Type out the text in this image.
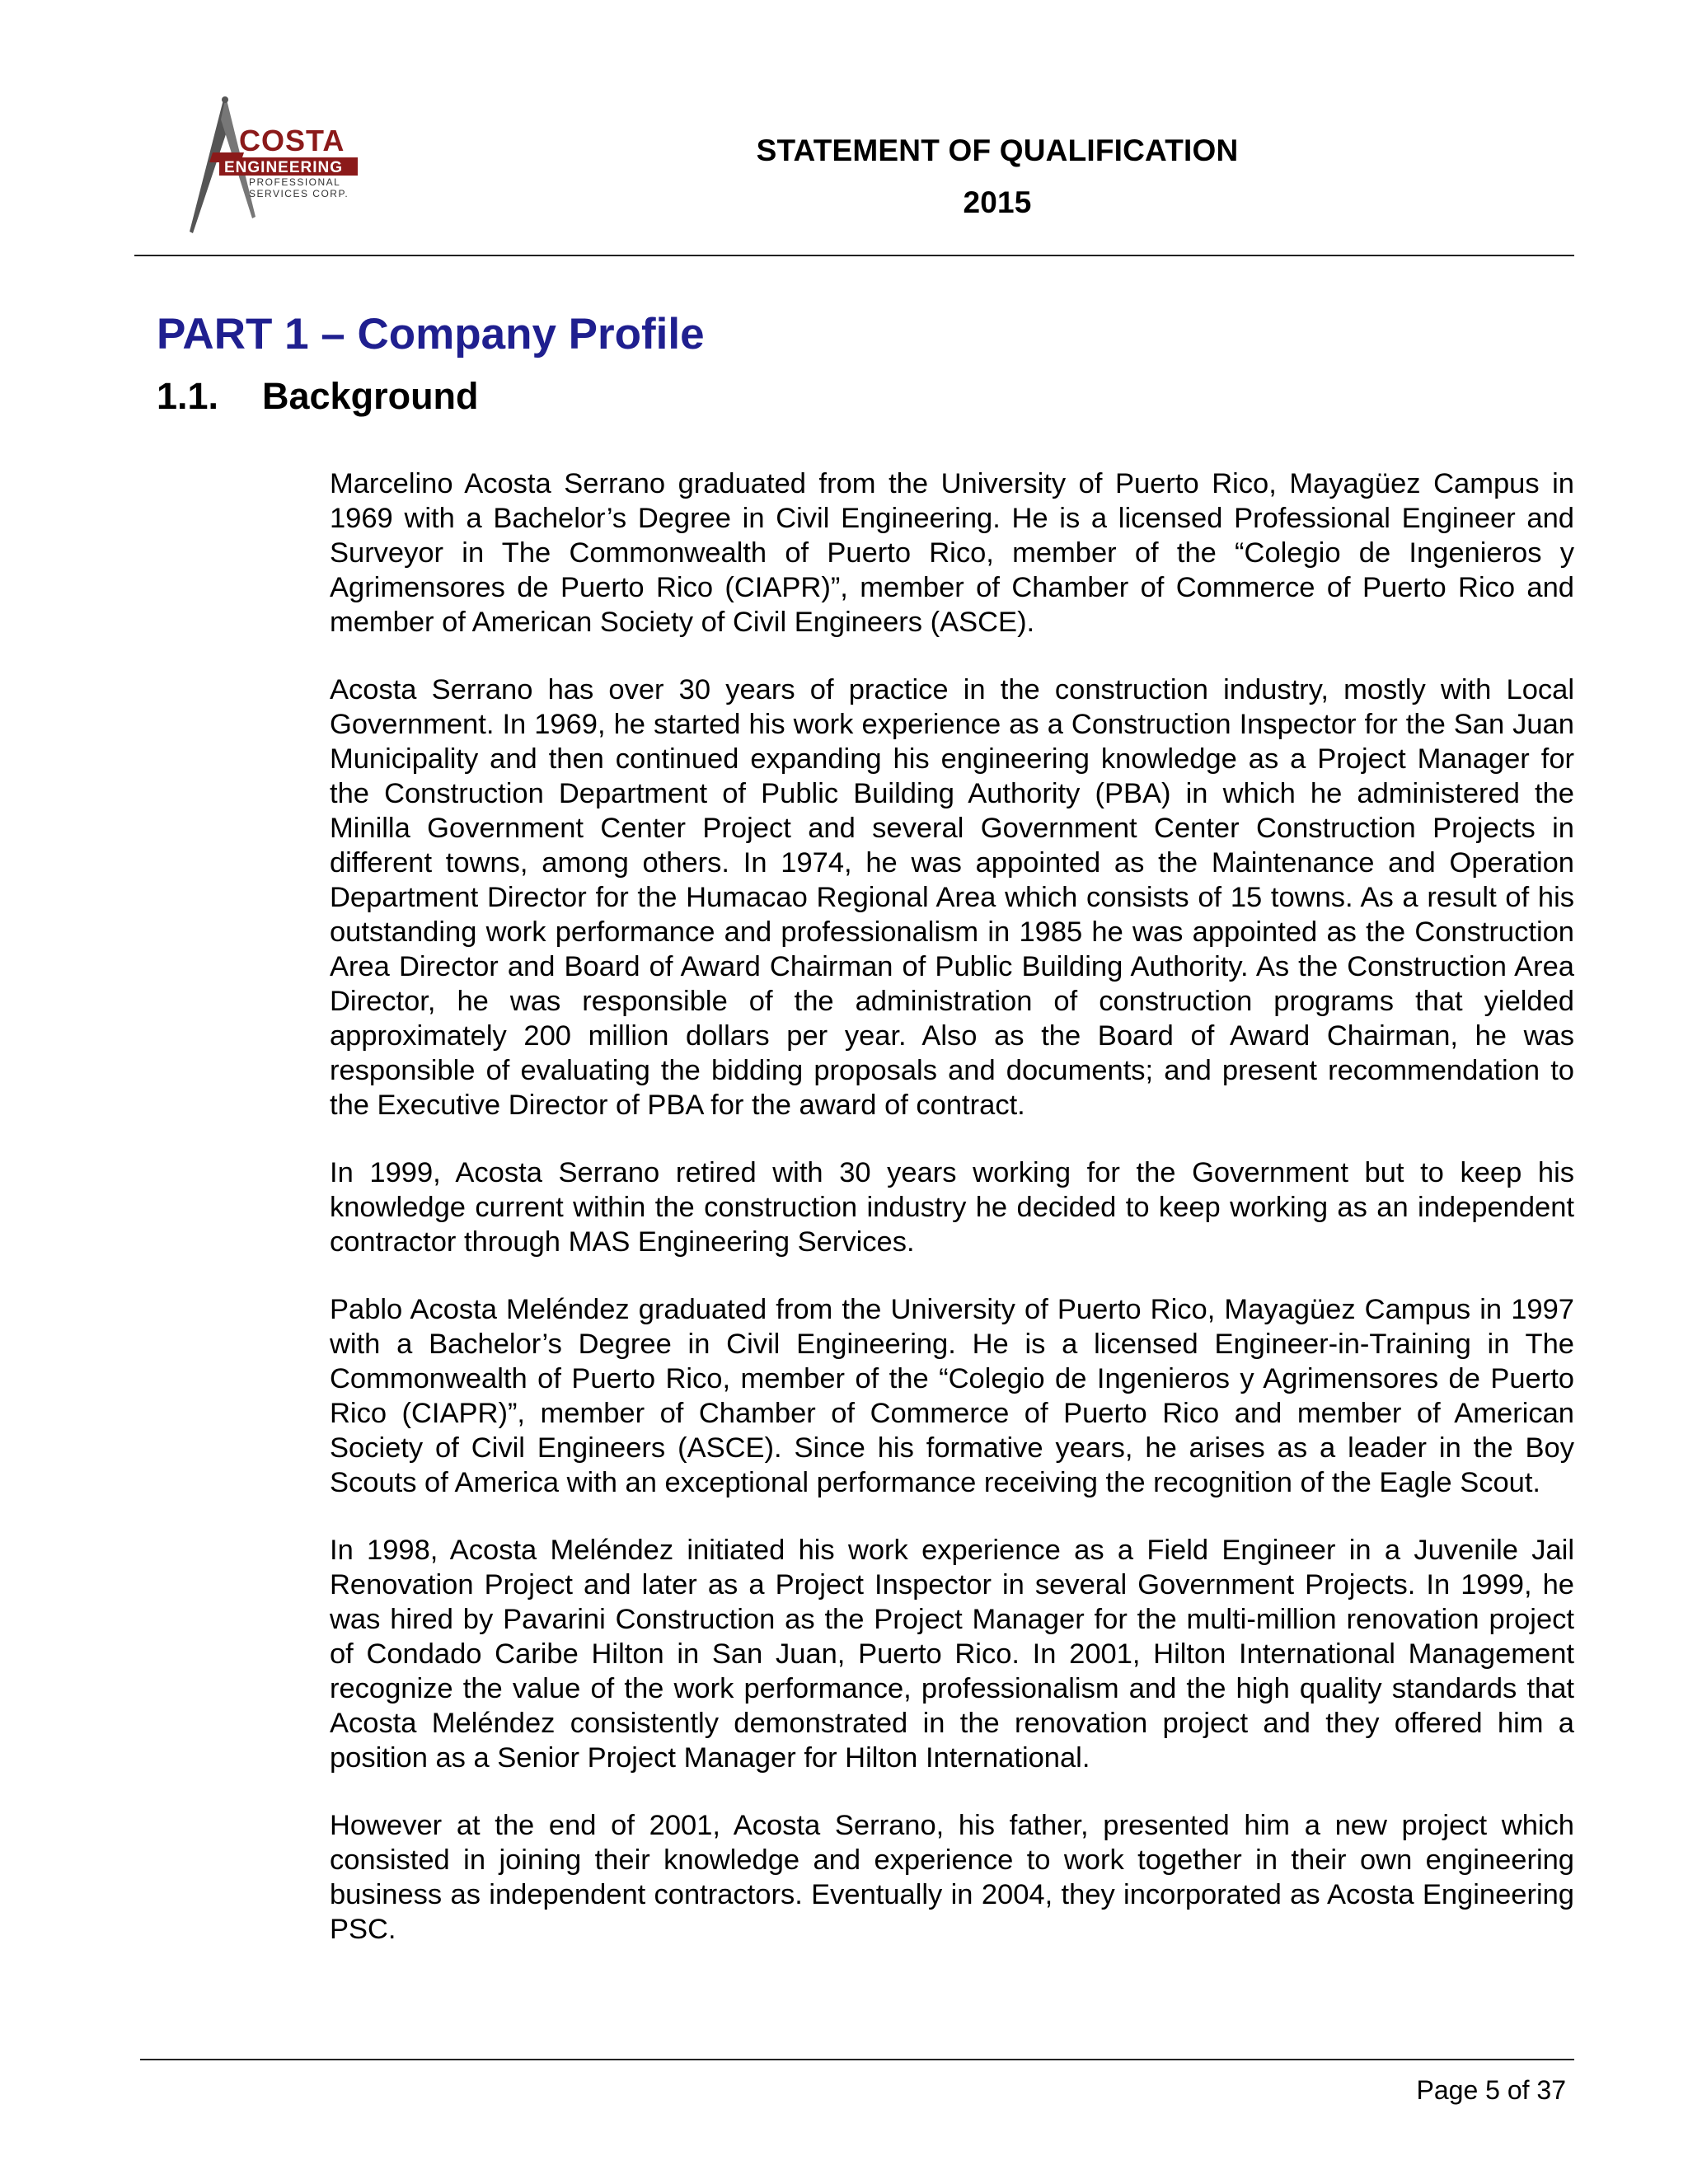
COSTA
ENGINEERING
PROFESSIONAL
SERVICES CORP.
STATEMENT OF QUALIFICATION
2015
PART 1 – Company Profile
1.1. Background

Marcelino Acosta Serrano graduated from the University of Puerto Rico, Mayagüez Campus in 1969 with a Bachelor’s Degree in Civil Engineering. He is a licensed Professional Engineer and Surveyor in The Commonwealth of Puerto Rico, member of the “Colegio de Ingenieros y Agrimensores de Puerto Rico (CIAPR)”, member of Chamber of Commerce of Puerto Rico and member of American Society of Civil Engineers (ASCE).

Acosta Serrano has over 30 years of practice in the construction industry, mostly with Local Government. In 1969, he started his work experience as a Construction Inspector for the San Juan Municipality and then continued expanding his engineering knowledge as a Project Manager for the Construction Department of Public Building Authority (PBA) in which he administered the Minilla Government Center Project and several Government Center Construction Projects in different towns, among others. In 1974, he was appointed as the Maintenance and Operation Department Director for the Humacao Regional Area which consists of 15 towns. As a result of his outstanding work performance and professionalism in 1985 he was appointed as the Construction Area Director and Board of Award Chairman of Public Building Authority. As the Construction Area Director, he was responsible of the administration of construction programs that yielded approximately 200 million dollars per year. Also as the Board of Award Chairman, he was responsible of evaluating the bidding proposals and documents; and present recommendation to the Executive Director of PBA for the award of contract.

In 1999, Acosta Serrano retired with 30 years working for the Government but to keep his knowledge current within the construction industry he decided to keep working as an independent contractor through MAS Engineering Services.

Pablo Acosta Meléndez graduated from the University of Puerto Rico, Mayagüez Campus in 1997 with a Bachelor’s Degree in Civil Engineering. He is a licensed Engineer-in-Training in The Commonwealth of Puerto Rico, member of the “Colegio de Ingenieros y Agrimensores de Puerto Rico (CIAPR)”, member of Chamber of Commerce of Puerto Rico and member of American Society of Civil Engineers (ASCE). Since his formative years, he arises as a leader in the Boy Scouts of America with an exceptional performance receiving the recognition of the Eagle Scout.

In 1998, Acosta Meléndez initiated his work experience as a Field Engineer in a Juvenile Jail Renovation Project and later as a Project Inspector in several Government Projects. In 1999, he was hired by Pavarini Construction as the Project Manager for the multi-million renovation project of Condado Caribe Hilton in San Juan, Puerto Rico. In 2001, Hilton International Management recognize the value of the work performance, professionalism and the high quality standards that Acosta Meléndez consistently demonstrated in the renovation project and they offered him a position as a Senior Project Manager for Hilton International.

However at the end of 2001, Acosta Serrano, his father, presented him a new project which consisted in joining their knowledge and experience to work together in their own engineering business as independent contractors. Eventually in 2004, they incorporated as Acosta Engineering PSC.

Page 5 of 37
